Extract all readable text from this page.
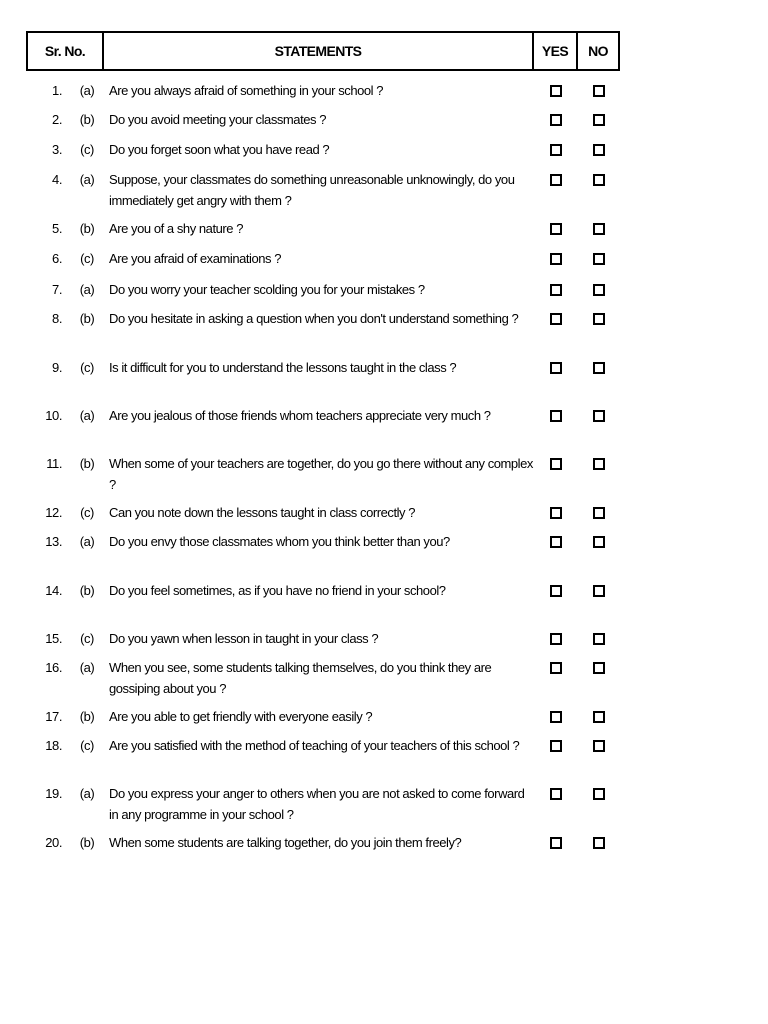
Sr. No.	STATEMENTS	YES	NO
1.	(a)	Are you always afraid of something in your school ?
2.	(b)	Do you avoid meeting your classmates ?
3.	(c)	Do you forget soon what you have read ?
4.	(a)	Suppose, your classmates do something unreasonable unknowingly, do you immediately get angry with them ?
5.	(b)	Are you of a shy nature ?
6.	(c)	Are you afraid of examinations ?
7.	(a)	Do you worry your teacher scolding you for your mistakes ?
8.	(b)	Do you hesitate in asking a question when you don't understand something ?
9.	(c)	Is it difficult for you to understand the lessons taught in the class ?
10.	(a)	Are you jealous of those friends whom teachers appreciate very much ?
11.	(b)	When some of your teachers are together, do you go there without any complex ?
12.	(c)	Can you note down the lessons taught in class correctly ?
13.	(a)	Do you envy those classmates whom you think better than you?
14.	(b)	Do you feel sometimes, as if you have no friend in your school?
15.	(c)	Do you yawn when lesson in taught in your class ?
16.	(a)	When you see, some students talking themselves, do you think they are gossiping about you ?
17.	(b)	Are you able to get friendly with everyone easily ?
18.	(c)	Are you satisfied with the method of teaching of your teachers of this school ?
19.	(a)	Do you express your anger to others when you are not asked to come forward in any programme in your school ?
20.	(b)	When some students are talking together, do you join them freely?
